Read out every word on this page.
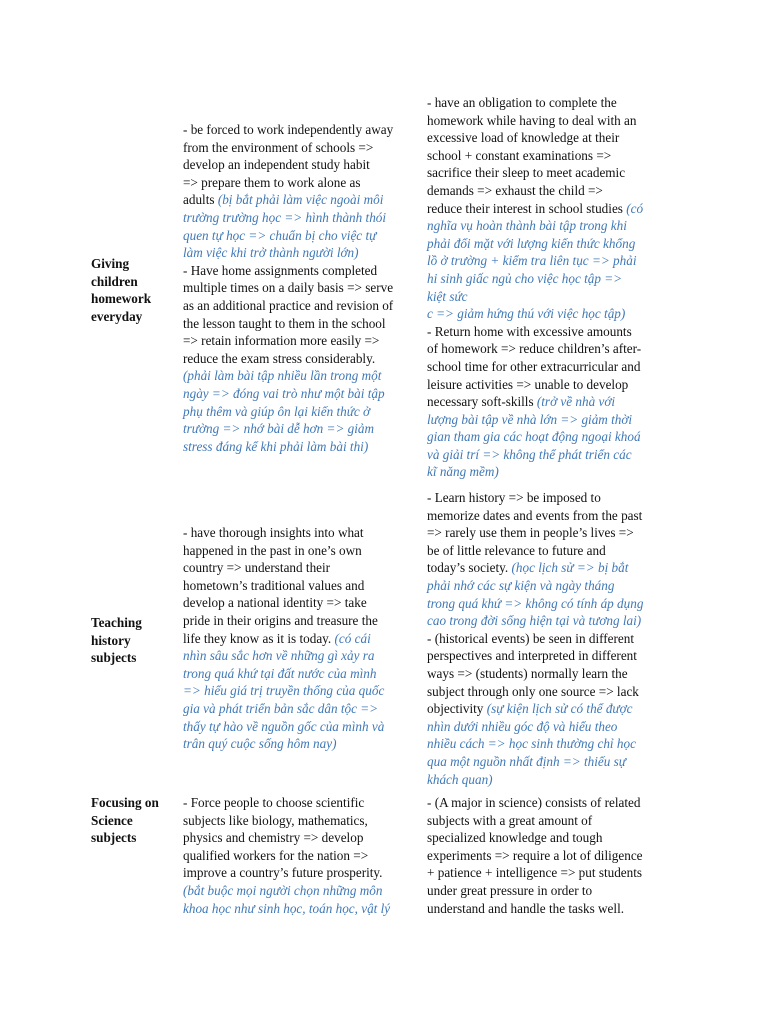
Giving
children
homework
everyday
- be forced to work independently away
from the environment of schools =>
develop an independent study habit
=> prepare them to work alone as
adults (bị bắt phải làm việc ngoài môi
trường trường học => hình thành thói
quen tự học => chuẩn bị cho việc tự
làm việc khi trở thành người lớn)
- Have home assignments completed
multiple times on a daily basis => serve
as an additional practice and revision of
the lesson taught to them in the school
=> retain information more easily =>
reduce the exam stress considerably.
(phải làm bài tập nhiều lần trong một
ngày => đóng vai trò như một bài tập
phụ thêm và giúp ôn lại kiến thức ở
trường => nhớ bài dễ hơn => giảm
stress đáng kể khi phải làm bài thi)
- have an obligation to complete the
homework while having to deal with an
excessive load of knowledge at their
school + constant examinations =>
sacrifice their sleep to meet academic
demands => exhaust the child =>
reduce their interest in school studies (có
nghĩa vụ hoàn thành bài tập trong khi
phải đối mặt với lượng kiến thức khổng
lồ ở trường + kiểm tra liên tục => phải
hi sinh giấc ngủ cho việc học tập =>
kiệt sức
c => giảm hứng thú với việc học tập)
- Return home with excessive amounts
of homework => reduce children’s after-
school time for other extracurricular and
leisure activities => unable to develop
necessary soft-skills (trở về nhà với
lượng bài tập về nhà lớn => giảm thời
gian tham gia các hoạt động ngoại khoá
và giải trí => không thể phát triển các
kĩ năng mềm)
Teaching
history
subjects
- have thorough insights into what
happened in the past in one’s own
country => understand their
hometown’s traditional values and
develop a national identity => take
pride in their origins and treasure the
life they know as it is today. (có cái
nhìn sâu sắc hơn về những gì xảy ra
trong quá khứ tại đất nước của mình
=> hiểu giá trị truyền thống của quốc
gia và phát triển bản sắc dân tộc =>
thấy tự hào về nguồn gốc của mình và
trân quý cuộc sống hôm nay)
- Learn history => be imposed to
memorize dates and events from the past
=> rarely use them in people’s lives =>
be of little relevance to future and
today’s society. (học lịch sử => bị bắt
phải nhớ các sự kiện và ngày tháng
trong quá khứ => không có tính áp dụng
cao trong đời sống hiện tại và tương lai)
- (historical events) be seen in different
perspectives and interpreted in different
ways => (students) normally learn the
subject through only one source => lack
objectivity (sự kiện lịch sử có thể được
nhìn dưới nhiều góc độ và hiểu theo
nhiều cách => học sinh thường chỉ học
qua một nguồn nhất định => thiếu sự
khách quan)
Focusing on
Science
subjects
- Force people to choose scientific
subjects like biology, mathematics,
physics and chemistry => develop
qualified workers for the nation =>
improve a country’s future prosperity.
(bắt buộc mọi người chọn những môn
khoa học như sinh học, toán học, vật lý
- (A major in science) consists of related
subjects with a great amount of
specialized knowledge and tough
experiments => require a lot of diligence
+ patience + intelligence => put students
under great pressure in order to
understand and handle the tasks well.
